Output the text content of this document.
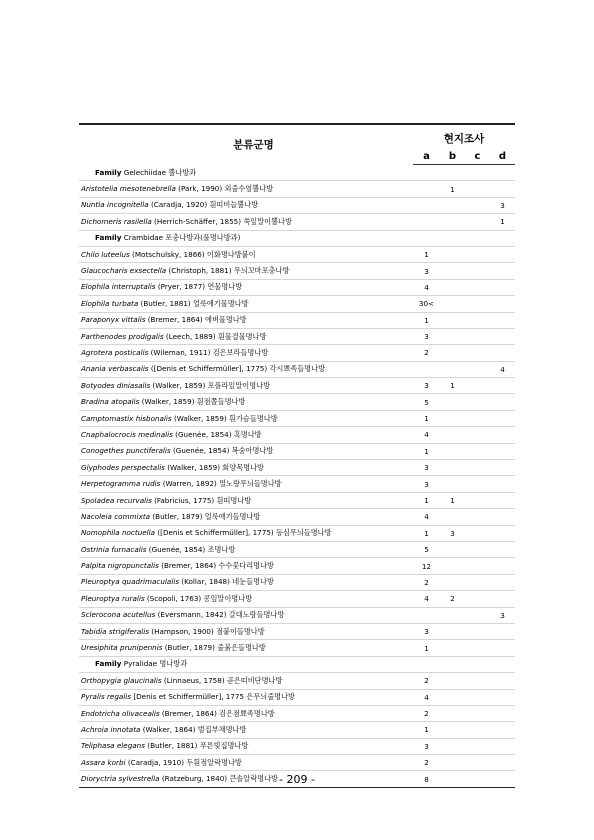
분류군명	현지조사			
	a	b	c	d
Family Gelechiidae 뿔나방과				
Aristotelia mesotenebrella (Park, 1990) 외줄수염뿔나방		1		
Nuntia incognitella (Caradja, 1920) 흰띠비늘뿔나방				3
Dichomeris rasilella (Herrich-Schäffer, 1855) 쑥잎말이뿔나방				1
Family Crambidae 포충나방과(풀명나방과)				
Chilo luteelus (Motschulsky, 1866) 이화명나방붙이	1			
Glaucocharis exsectella (Christoph, 1881) 무늬꼬마포충나방	3			
Elophila interruptalis (Pryer, 1877) 연물명나방	4			
Elophila turbata (Butler, 1881) 얼룩애기물명나방	30<			
Paraponyx vittalis (Bremer, 1864) 애벼물명나방	1			
Parthenodes prodigalis (Leech, 1889) 흰물결물명나방	3			
Agrotera posticalis (Wileman, 1911) 검은보라들명나방	2			
Anania verbascalis ([Denis et Schiffermüller], 1775) 각시뾰족들명나방				4
Botyodes diniasalis (Walker, 1859) 포플라잎말이명나방	3	1		
Bradina atopalis (Walker, 1859) 흰점쫄들명나방	5			
Camptomastix hisbonalis (Walker, 1859) 흰가슴들명나방	1			
Cnaphalocrocis medinalis (Guenée, 1854) 혹명나방	4			
Conogethes punctiferalis (Guenée, 1854) 복숭아명나방	1			
Glyphodes perspectalis (Walker, 1859) 회양목명나방	3			
Herpetogramma rudis (Warren, 1892) 멀노랑무늬들명나방	3			
Spoladea recurvalis (Fabricius, 1775) 흰띠명나방	1	1		
Nacoleia commixta (Butler, 1879) 얼룩애기들명나방	4			
Nomophila noctuella ([Denis et Schiffermüller], 1775) 등심무늬들명나방	1	3		
Ostrinia furnacalis (Guenée, 1854) 조명나방	5			
Palpita nigropunctalis (Bremer, 1864) 수수꽃다리명나방	12			
Pleuroptya quadrimaculalis (Kollar, 1848) 네눈들명나방	2			
Pleuroptya ruralis (Scopoli, 1763) 콩잎말이명나방	4	2		
Sclerocona acutellus (Eversmann, 1842) 갈대노랑들명나방				3
Tabidia strigiferalis (Hampson, 1900) 점붙이들명나방	3			
Uresiphita prunipennis (Butler, 1879) 줄붉은들명나방	1			
Family Pyralidae 명나방과				
Orthopygia glaucinalis (Linnaeus, 1758) 곧은띠비단명나방	2			
Pyralis regalis [Denis et Schiffermüller], 1775 은무늬줄명나방	4			
Endotricha olivacealis (Bremer, 1864) 검은점뾰족명나방	2			
Achroia innotata (Walker, 1864) 벌집부채명나방	1			
Teliphasa elegans (Butler, 1881) 푸른빛집명나방	3			
Assara korbi (Caradja, 1910) 두흰점알락명나방	2			
Dioryctria sylvestrella (Ratzeburg, 1840) 큰솔알락명나방	8			
- 209 -
